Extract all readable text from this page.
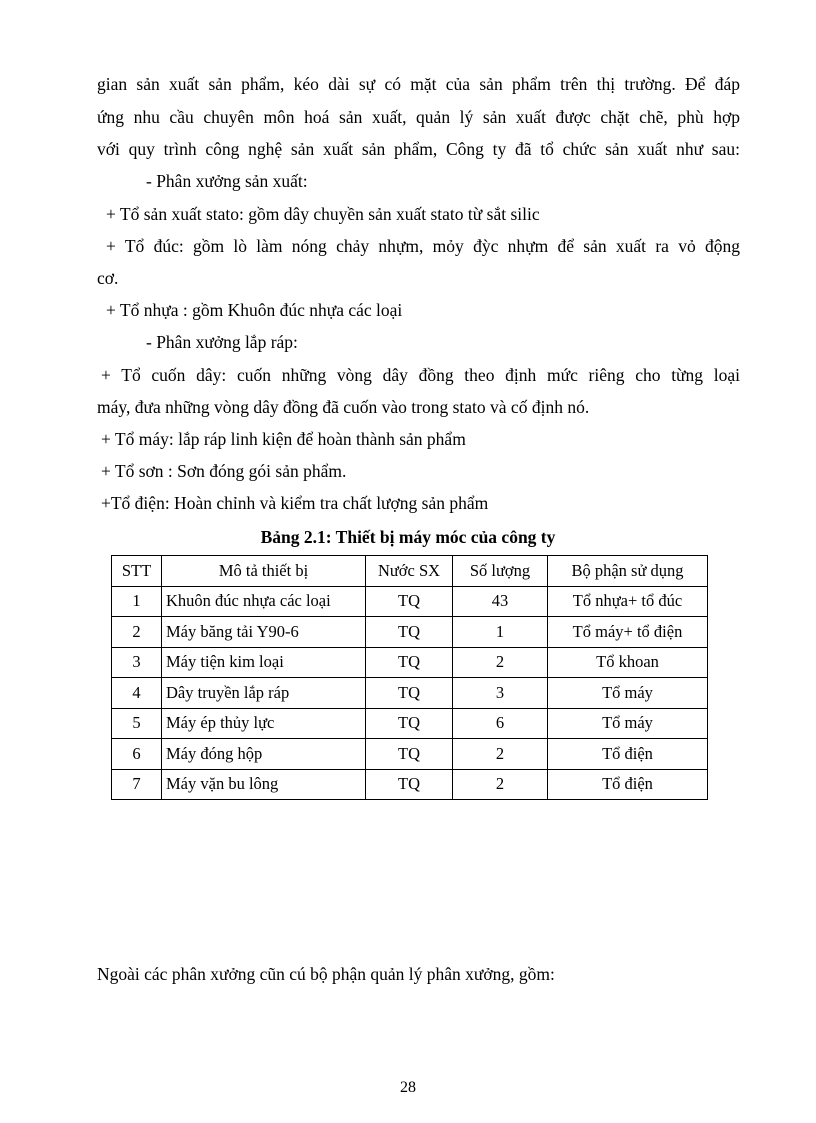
gian sản xuất sản phẩm, kéo dài sự có mặt của sản phẩm trên thị trường. Để đáp
ứng nhu cầu chuyên môn hoá sản xuất, quản lý sản xuất được chặt chẽ, phù hợp
với quy trình công nghệ sản xuất sản phẩm, Công ty đã tổ chức sản xuất như sau:
- Phân xưởng sản xuất:
+ Tổ sản xuất stato: gồm dây chuyền sản xuất stato từ sắt silic
+ Tổ đúc: gồm lò làm nóng chảy nhựm, mỏy đỳc nhựm để sản xuất ra vỏ động
cơ.
+ Tổ nhựa : gồm Khuôn đúc nhựa các loại
- Phân xưởng lắp ráp:
+ Tổ cuốn dây: cuốn những vòng dây đồng theo định mức riêng cho từng loại
máy, đưa những vòng dây đồng đã cuốn vào trong stato và cố định nó.
+ Tổ máy: lắp ráp linh kiện để hoàn thành sản phẩm
+ Tổ sơn : Sơn đóng gói sản phẩm.
+Tổ điện: Hoàn chỉnh và kiểm tra chất lượng sản phẩm
Bảng 2.1: Thiết bị máy móc của công ty
STT	Mô tả thiết bị	Nước SX	Số lượng	Bộ phận sử dụng
1	Khuôn đúc nhựa các loại	TQ	43	Tổ nhựa+ tổ đúc
2	Máy băng tải Y90-6	TQ	1	Tổ máy+ tổ điện
3	Máy tiện kim loại	TQ	2	Tổ khoan
4	Dây truyền lắp ráp	TQ	3	Tổ máy
5	Máy ép thủy lực	TQ	6	Tổ máy
6	Máy đóng hộp	TQ	2	Tổ điện
7	Máy vặn bu lông	TQ	2	Tổ điện
Ngoài các phân xưởng cũn cú bộ phận quản lý phân xưởng, gồm:
28
